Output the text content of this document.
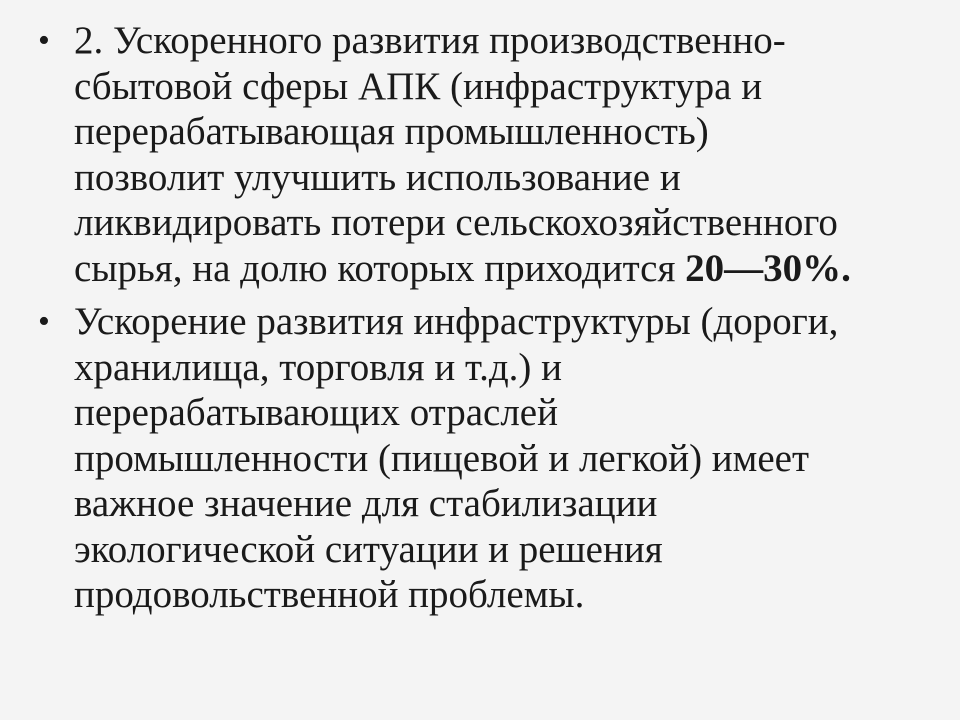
• 2. Ускоренного развития производственно-
сбытовой сферы АПК (инфраструктура и
перерабатывающая промышленность)
позволит улучшить использование и
ликвидировать потери сельскохозяйственного
сырья, на долю которых приходится 20—30%.
• Ускорение развития инфраструктуры (дороги,
хранилища, торговля и т.д.) и
перерабатывающих отраслей
промышленности (пищевой и легкой) имеет
важное значение для стабилизации
экологической ситуации и решения
продовольственной проблемы.
